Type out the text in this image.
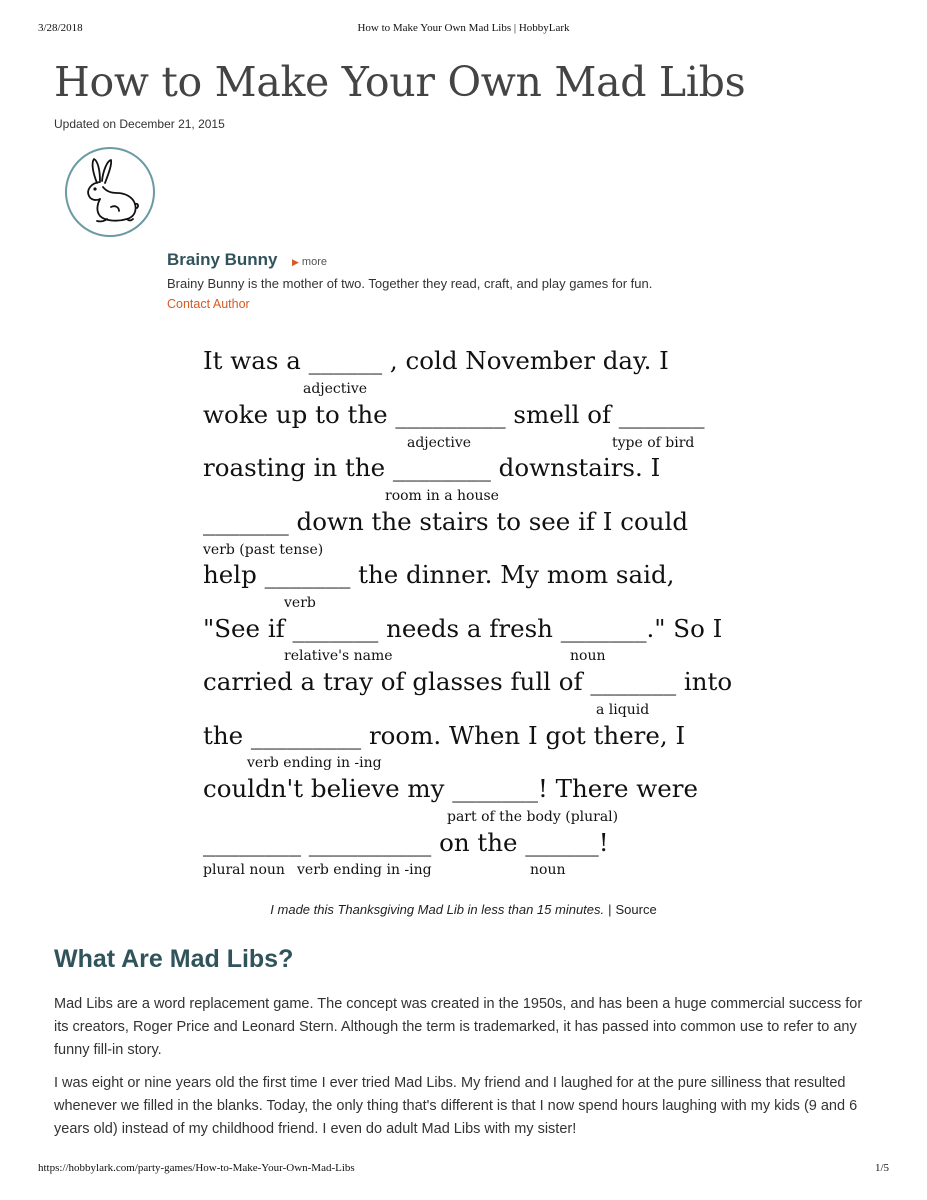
3/28/2018	How to Make Your Own Mad Libs | HobbyLark
How to Make Your Own Mad Libs
Updated on December 21, 2015
Brainy Bunny ▶ more
Brainy Bunny is the mother of two. Together they read, craft, and play games for fun.
Contact Author
It was a ______ , cold November day. I
adjective
woke up to the _________ smell of _______
adjective	type of bird
roasting in the ________ downstairs. I
room in a house
_______ down the stairs to see if I could
verb (past tense)
help _______ the dinner. My mom said,
verb
"See if _______ needs a fresh _______." So I
relative's name	noun
carried a tray of glasses full of _______ into
a liquid
the _________ room. When I got there, I
verb ending in -ing
couldn't believe my _______! There were
part of the body (plural)
________ __________ on the ______!
plural noun verb ending in -ing	noun
I made this Thanksgiving Mad Lib in less than 15 minutes. | Source
What Are Mad Libs?

Mad Libs are a word replacement game. The concept was created in the 1950s, and has been a huge commercial success for its creators, Roger Price and Leonard Stern. Although the term is trademarked, it has passed into common use to refer to any funny fill-in story.

I was eight or nine years old the first time I ever tried Mad Libs. My friend and I laughed for at the pure silliness that resulted whenever we filled in the blanks. Today, the only thing that's different is that I now spend hours laughing with my kids (9 and 6 years old) instead of my childhood friend. I even do adult Mad Libs with my sister!

https://hobbylark.com/party-games/How-to-Make-Your-Own-Mad-Libs	1/5
